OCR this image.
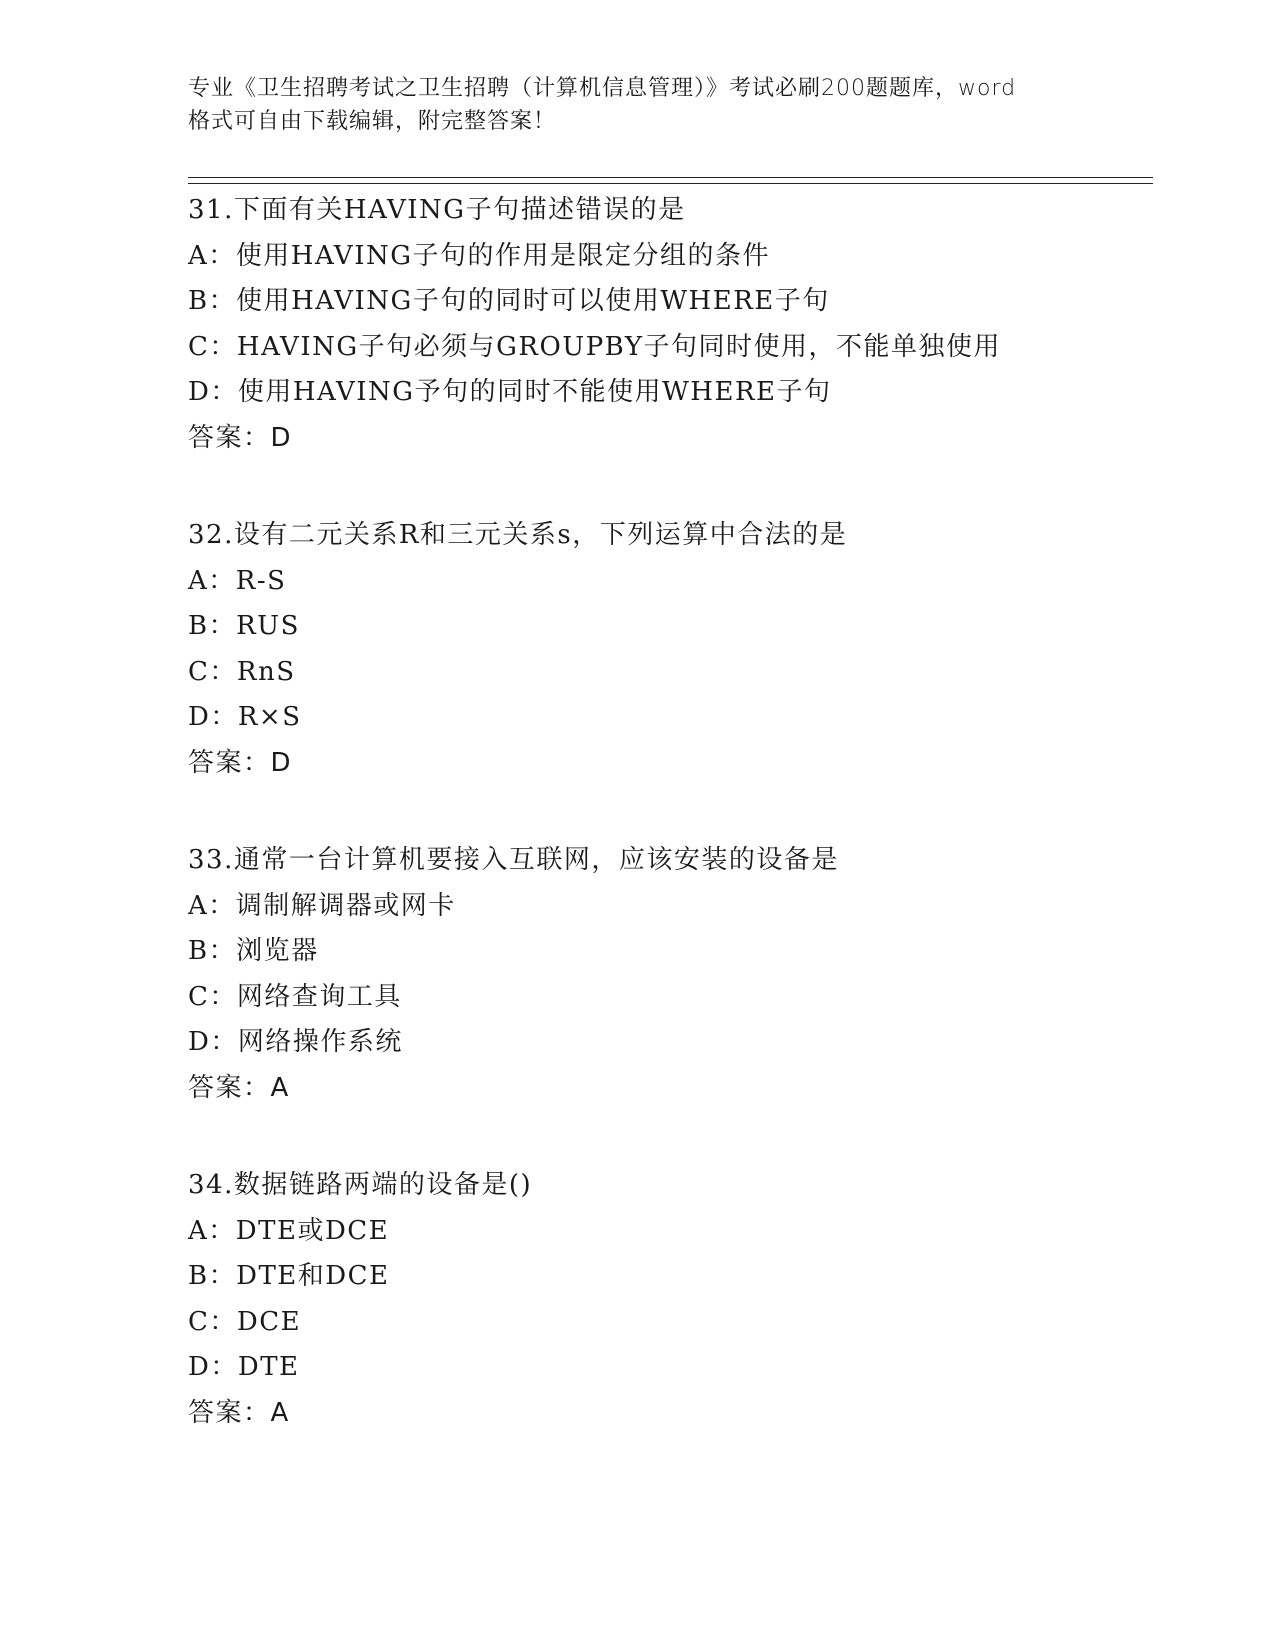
专业《卫生招聘考试之卫生招聘（计算机信息管理）》考试必刷200题题库，word
格式可自由下载编辑，附完整答案！
31.下面有关HAVING子句描述错误的是
A：使用HAVING子句的作用是限定分组的条件
B：使用HAVING子句的同时可以使用WHERE子句
C：HAVING子句必须与GROUPBY子句同时使用，不能单独使用
D：使用HAVING予句的同时不能使用WHERE子句
答案：D
32.设有二元关系R和三元关系s，下列运算中合法的是
A：R-S
B：RUS
C：RnS
D：R×S
答案：D
33.通常一台计算机要接入互联网，应该安装的设备是
A：调制解调器或网卡
B：浏览器
C：网络查询工具
D：网络操作系统
答案：A
34.数据链路两端的设备是()
A：DTE或DCE
B：DTE和DCE
C：DCE
D：DTE
答案：A
